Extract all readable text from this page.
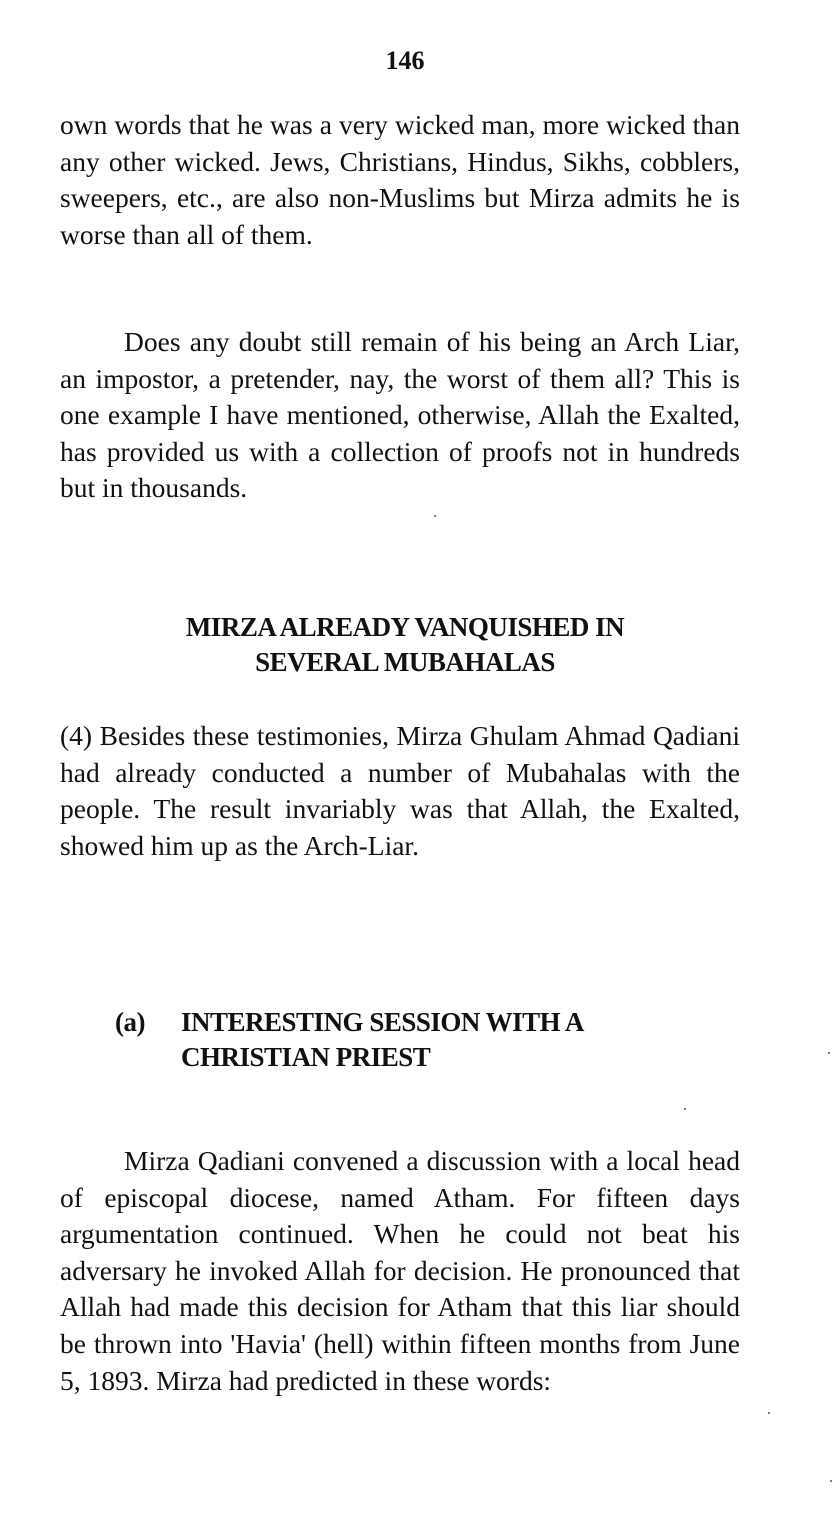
146

own words that he was a very wicked man, more wicked than any other wicked. Jews, Christians, Hindus, Sikhs, cobblers, sweepers, etc., are also non-Muslims but Mirza admits he is worse than all of them.

Does any doubt still remain of his being an Arch Liar, an impostor, a pretender, nay, the worst of them all? This is one example I have mentioned, otherwise, Allah the Exalted, has provided us with a collection of proofs not in hundreds but in thousands.

MIRZA ALREADY VANQUISHED IN
SEVERAL MUBAHALAS

(4) Besides these testimonies, Mirza Ghulam Ahmad Qadiani had already conducted a number of Mubahalas with the people. The result invariably was that Allah, the Exalted, showed him up as the Arch-Liar.

(a) INTERESTING SESSION WITH A
CHRISTIAN PRIEST

Mirza Qadiani convened a discussion with a local head of episcopal diocese, named Atham. For fifteen days argumentation continued. When he could not beat his adversary he invoked Allah for decision. He pronounced that Allah had made this decision for Atham that this liar should be thrown into 'Havia' (hell) within fifteen months from June 5, 1893. Mirza had predicted in these words:
